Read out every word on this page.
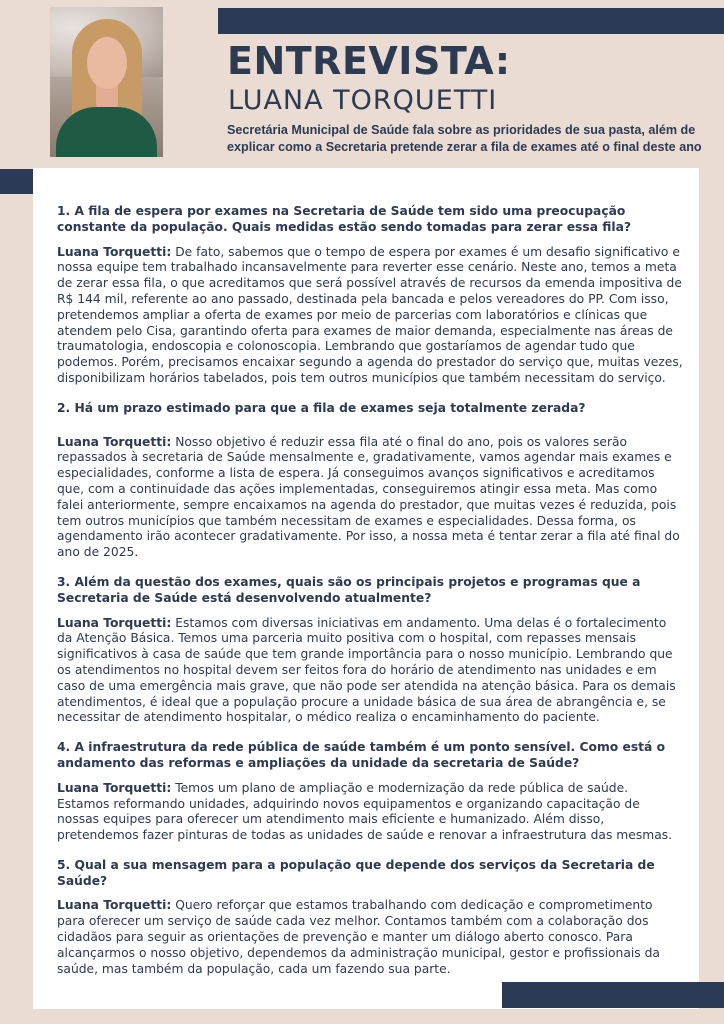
ENTREVISTA:
LUANA TORQUETTI

Secretária Municipal de Saúde fala sobre as prioridades de sua pasta, além de explicar como a Secretaria pretende zerar a fila de exames até o final deste ano

1. A fila de espera por exames na Secretaria de Saúde tem sido uma preocupação constante da população. Quais medidas estão sendo tomadas para zerar essa fila?

Luana Torquetti: De fato, sabemos que o tempo de espera por exames é um desafio significativo e nossa equipe tem trabalhado incansavelmente para reverter esse cenário. Neste ano, temos a meta de zerar essa fila, o que acreditamos que será possível através de recursos da emenda impositiva de R$ 144 mil, referente ao ano passado, destinada pela bancada e pelos vereadores do PP. Com isso, pretendemos ampliar a oferta de exames por meio de parcerias com laboratórios e clínicas que atendem pelo Cisa, garantindo oferta para exames de maior demanda, especialmente nas áreas de traumatologia, endoscopia e colonoscopia. Lembrando que gostaríamos de agendar tudo que podemos. Porém, precisamos encaixar segundo a agenda do prestador do serviço que, muitas vezes, disponibilizam horários tabelados, pois tem outros municípios que também necessitam do serviço.

2. Há um prazo estimado para que a fila de exames seja totalmente zerada?

Luana Torquetti: Nosso objetivo é reduzir essa fila até o final do ano, pois os valores serão repassados à secretaria de Saúde mensalmente e, gradativamente, vamos agendar mais exames e especialidades, conforme a lista de espera. Já conseguimos avanços significativos e acreditamos que, com a continuidade das ações implementadas, conseguiremos atingir essa meta. Mas como falei anteriormente, sempre encaixamos na agenda do prestador, que muitas vezes é reduzida, pois tem outros municípios que também necessitam de exames e especialidades. Dessa forma, os agendamento irão acontecer gradativamente. Por isso, a nossa meta é tentar zerar a fila até final do ano de 2025.

3. Além da questão dos exames, quais são os principais projetos e programas que a Secretaria de Saúde está desenvolvendo atualmente?

Luana Torquetti: Estamos com diversas iniciativas em andamento. Uma delas é o fortalecimento da Atenção Básica. Temos uma parceria muito positiva com o hospital, com repasses mensais significativos à casa de saúde que tem grande importância para o nosso município. Lembrando que os atendimentos no hospital devem ser feitos fora do horário de atendimento nas unidades e em caso de uma emergência mais grave, que não pode ser atendida na atenção básica. Para os demais atendimentos, é ideal que a população procure a unidade básica de sua área de abrangência e, se necessitar de atendimento hospitalar, o médico realiza o encaminhamento do paciente.

4. A infraestrutura da rede pública de saúde também é um ponto sensível. Como está o andamento das reformas e ampliações da unidade da secretaria de Saúde?

Luana Torquetti: Temos um plano de ampliação e modernização da rede pública de saúde. Estamos reformando unidades, adquirindo novos equipamentos e organizando capacitação de nossas equipes para oferecer um atendimento mais eficiente e humanizado. Além disso, pretendemos fazer pinturas de todas as unidades de saúde e renovar a infraestrutura das mesmas.

5. Qual a sua mensagem para a população que depende dos serviços da Secretaria de Saúde?

Luana Torquetti: Quero reforçar que estamos trabalhando com dedicação e comprometimento para oferecer um serviço de saúde cada vez melhor. Contamos também com a colaboração dos cidadãos para seguir as orientações de prevenção e manter um diálogo aberto conosco. Para alcançarmos o nosso objetivo, dependemos da administração municipal, gestor e profissionais da saúde, mas também da população, cada um fazendo sua parte.
